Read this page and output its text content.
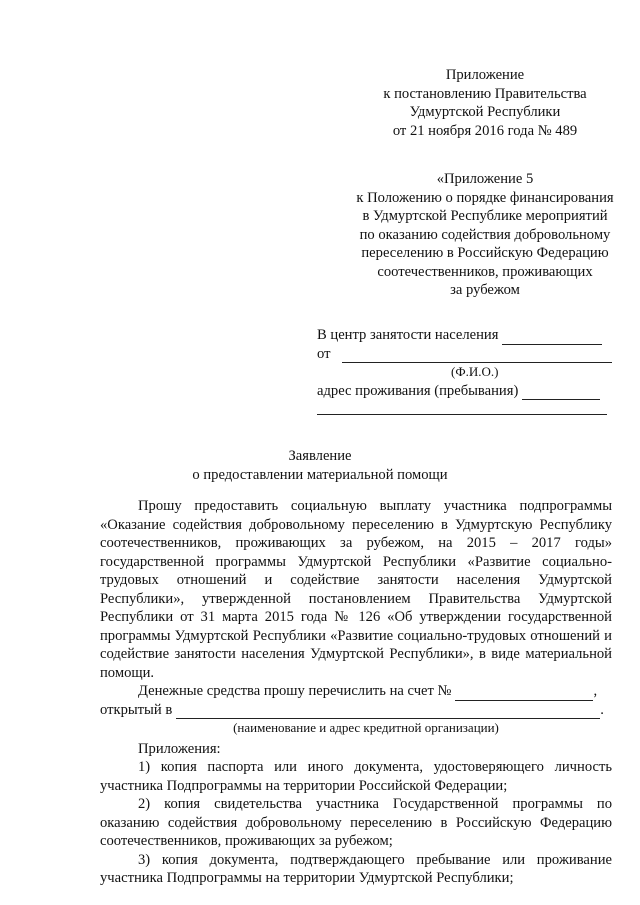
Приложение
к постановлению Правительства
Удмуртской Республики
от 21 ноября 2016 года № 489
«Приложение 5
к Положению о порядке финансирования
в Удмуртской Республике мероприятий
по оказанию содействия добровольному
переселению в Российскую Федерацию
соотечественников, проживающих
за рубежом
В центр занятости населения
от
(Ф.И.О.)
адрес проживания (пребывания)
Заявление
о предоставлении материальной помощи

Прошу предоставить социальную выплату участника подпрограммы «Оказание содействия добровольному переселению в Удмуртскую Республику соотечественников, проживающих за рубежом, на 2015 – 2017 годы» государственной программы Удмуртской Республики «Развитие социально-трудовых отношений и содействие занятости населения Удмуртской Республики», утвержденной постановлением Правительства Удмуртской Республики от 31 марта 2015 года № 126 «Об утверждении государственной программы Удмуртской Республики «Развитие социально-трудовых отношений и содействие занятости населения Удмуртской Республики», в виде материальной помощи.

Денежные средства прошу перечислить на счет №	,
открытый в	.
(наименование и адрес кредитной организации)
Приложения:

1) копия паспорта или иного документа, удостоверяющего личность участника Подпрограммы на территории Российской Федерации;

2) копия свидетельства участника Государственной программы по оказанию содействия добровольному переселению в Российскую Федерацию соотечественников, проживающих за рубежом;

3) копия документа, подтверждающего пребывание или проживание участника Подпрограммы на территории Удмуртской Республики;
